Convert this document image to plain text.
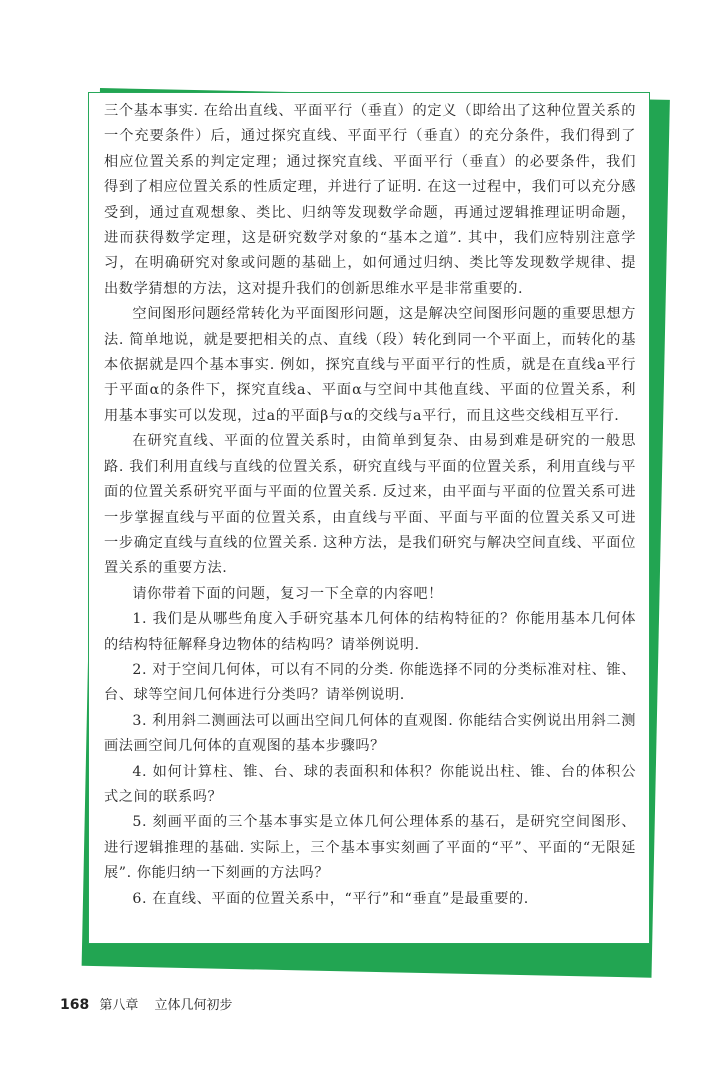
三个基本事实. 在给出直线、平面平行（垂直）的定义（即给出了这种位置关系的一个充要条件）后，通过探究直线、平面平行（垂直）的充分条件，我们得到了相应位置关系的判定定理；通过探究直线、平面平行（垂直）的必要条件，我们得到了相应位置关系的性质定理，并进行了证明. 在这一过程中，我们可以充分感受到，通过直观想象、类比、归纳等发现数学命题，再通过逻辑推理证明命题，进而获得数学定理，这是研究数学对象的“基本之道”. 其中，我们应特别注意学习，在明确研究对象或问题的基础上，如何通过归纳、类比等发现数学规律、提出数学猜想的方法，这对提升我们的创新思维水平是非常重要的.

空间图形问题经常转化为平面图形问题，这是解决空间图形问题的重要思想方法. 简单地说，就是要把相关的点、直线（段）转化到同一个平面上，而转化的基本依据就是四个基本事实. 例如，探究直线与平面平行的性质，就是在直线a平行于平面α的条件下，探究直线a、平面α与空间中其他直线、平面的位置关系，利用基本事实可以发现，过a的平面β与α的交线与a平行，而且这些交线相互平行.

在研究直线、平面的位置关系时，由简单到复杂、由易到难是研究的一般思路. 我们利用直线与直线的位置关系，研究直线与平面的位置关系，利用直线与平面的位置关系研究平面与平面的位置关系. 反过来，由平面与平面的位置关系可进一步掌握直线与平面的位置关系，由直线与平面、平面与平面的位置关系又可进一步确定直线与直线的位置关系. 这种方法，是我们研究与解决空间直线、平面位置关系的重要方法.

请你带着下面的问题，复习一下全章的内容吧！

1. 我们是从哪些角度入手研究基本几何体的结构特征的？你能用基本几何体的结构特征解释身边物体的结构吗？请举例说明.

2. 对于空间几何体，可以有不同的分类. 你能选择不同的分类标准对柱、锥、台、球等空间几何体进行分类吗？请举例说明.

3. 利用斜二测画法可以画出空间几何体的直观图. 你能结合实例说出用斜二测画法画空间几何体的直观图的基本步骤吗？

4. 如何计算柱、锥、台、球的表面积和体积？你能说出柱、锥、台的体积公式之间的联系吗？

5. 刻画平面的三个基本事实是立体几何公理体系的基石，是研究空间图形、进行逻辑推理的基础. 实际上，三个基本事实刻画了平面的“平”、平面的“无限延展”. 你能归纳一下刻画的方法吗？

6. 在直线、平面的位置关系中，“平行”和“垂直”是最重要的.

168 第八章 立体几何初步
